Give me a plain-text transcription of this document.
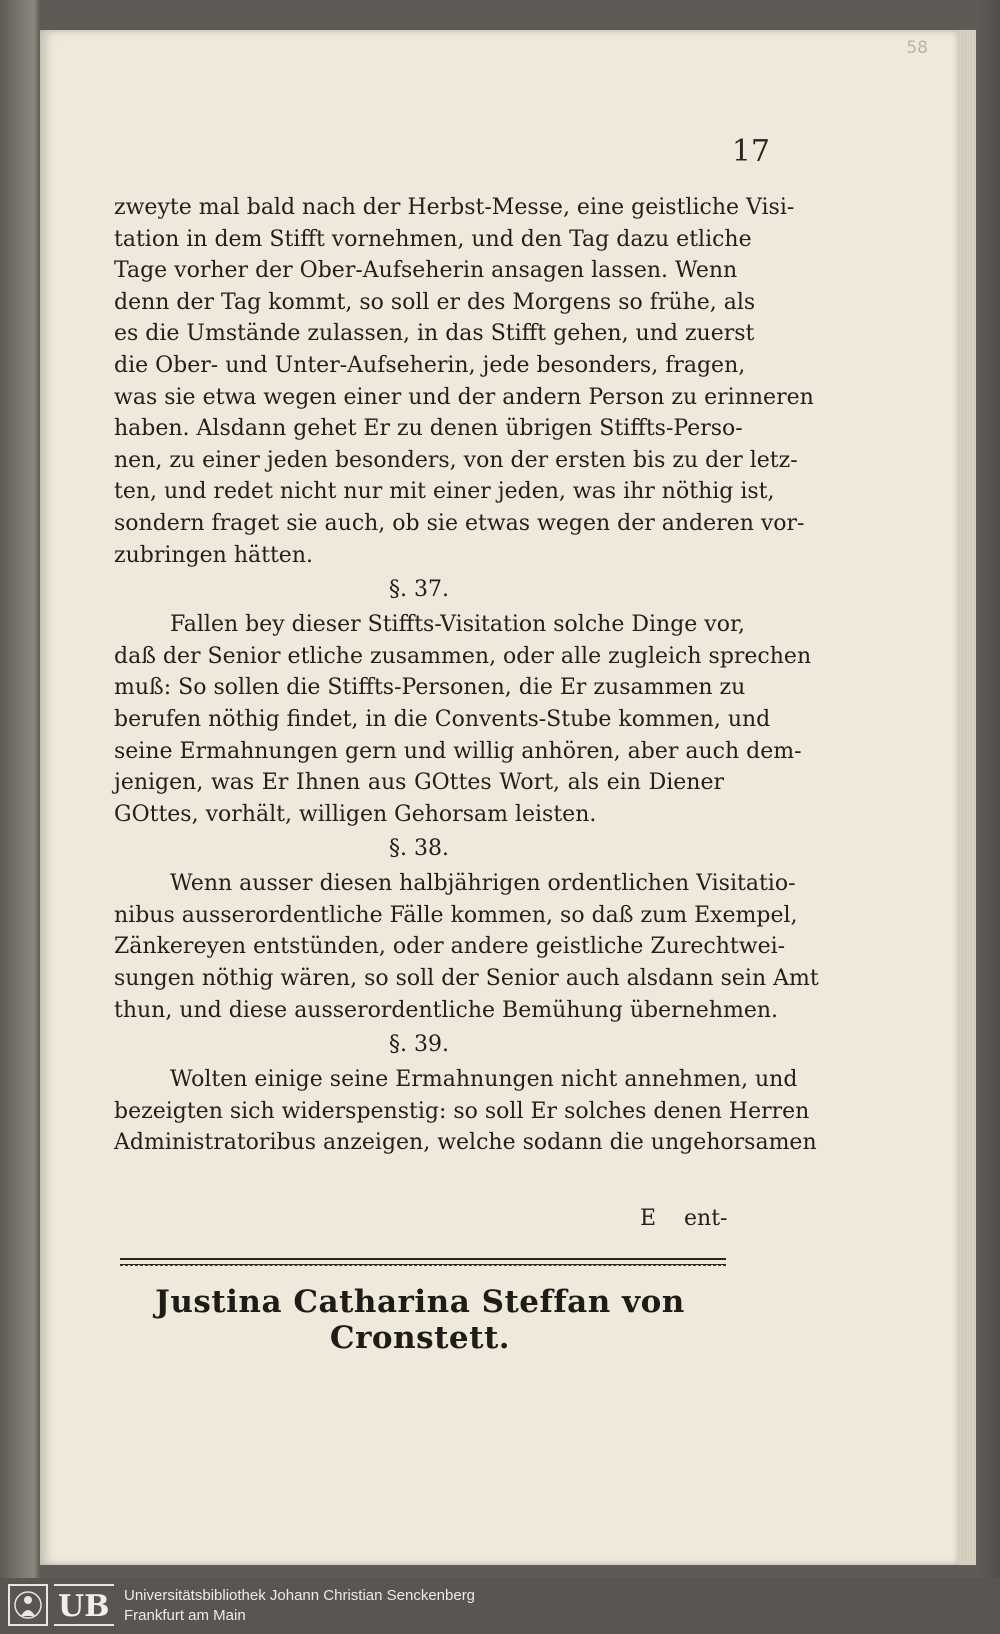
58
17
zweyte mal bald nach der Herbst-Messe, eine geistliche Visi-
tation in dem Stifft vornehmen, und den Tag dazu etliche
Tage vorher der Ober-Aufseherin ansagen lassen. Wenn
denn der Tag kommt, so soll er des Morgens so frühe, als
es die Umstände zulassen, in das Stifft gehen, und zuerst
die Ober- und Unter-Aufseherin, jede besonders, fragen,
was sie etwa wegen einer und der andern Person zu erinneren
haben. Alsdann gehet Er zu denen übrigen Stiffts-Perso-
nen, zu einer jeden besonders, von der ersten bis zu der letz-
ten, und redet nicht nur mit einer jeden, was ihr nöthig ist,
sondern fraget sie auch, ob sie etwas wegen der anderen vor-
zubringen hätten.
§. 37.
Fallen bey dieser Stiffts-Visitation solche Dinge vor,
daß der Senior etliche zusammen, oder alle zugleich sprechen
muß: So sollen die Stiffts-Personen, die Er zusammen zu
berufen nöthig findet, in die Convents-Stube kommen, und
seine Ermahnungen gern und willig anhören, aber auch dem-
jenigen, was Er Ihnen aus GOttes Wort, als ein Diener
GOttes, vorhält, willigen Gehorsam leisten.
§. 38.
Wenn ausser diesen halbjährigen ordentlichen Visitatio-
nibus ausserordentliche Fälle kommen, so daß zum Exempel,
Zänkereyen entstünden, oder andere geistliche Zurechtwei-
sungen nöthig wären, so soll der Senior auch alsdann sein Amt
thun, und diese ausserordentliche Bemühung übernehmen.
§. 39.
Wolten einige seine Ermahnungen nicht annehmen, und
bezeigten sich widerspenstig: so soll Er solches denen Herren
Administratoribus anzeigen, welche sodann die ungehorsamen
E ent-
Justina Catharina Steffan von Cronstett.
UB Universitätsbibliothek Johann Christian Senckenberg
Frankfurt am Main
